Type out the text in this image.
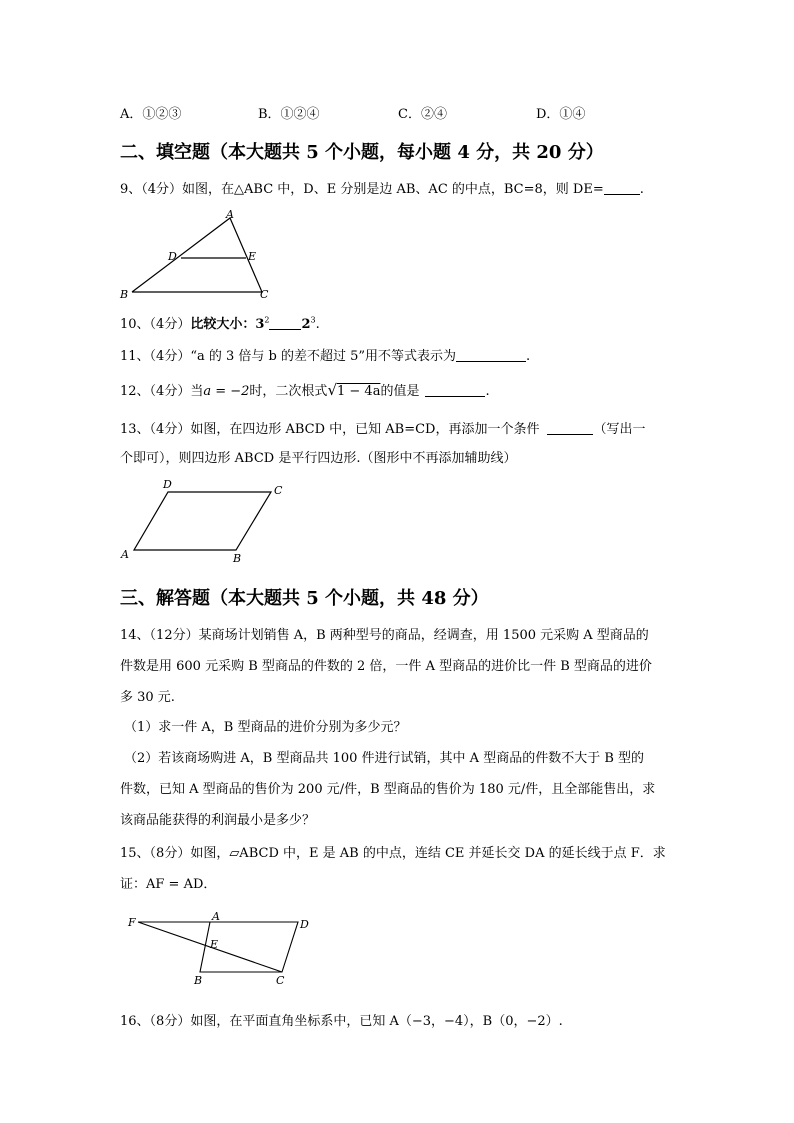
A．①②③	B．①②④	C．②④	D．①④
二、填空题（本大题共 5 个小题，每小题 4 分，共 20 分）
9、（4分）如图，在△ABC 中，D、E 分别是边 AB、AC 的中点，BC=8，则 DE=	.
A
D	E
B	C
10、（4分）比较大小：$3^2$ $2^3$.
11、（4分）“a 的 3 倍与 b 的差不超过 5”用不等式表示为	.
12、（4分）当a = −2时，二次根式√1 − 4a的值是	.
13、（4分）如图，在四边形 ABCD 中，已知 AB=CD，再添加一个条件	（写出一
个即可），则四边形 ABCD 是平行四边形.（图形中不再添加辅助线）
D	C
A	B
三、解答题（本大题共 5 个小题，共 48 分）
14、（12分）某商场计划销售 A，B 两种型号的商品，经调查，用 1500 元采购 A 型商品的
件数是用 600 元采购 B 型商品的件数的 2 倍，一件 A 型商品的进价比一件 B 型商品的进价
多 30 元.
（1）求一件 A，B 型商品的进价分别为多少元？
（2）若该商场购进 A，B 型商品共 100 件进行试销，其中 A 型商品的件数不大于 B 型的
件数，已知 A 型商品的售价为 200 元/件，B 型商品的售价为 180 元/件，且全部能售出，求
该商品能获得的利润最小是多少？
15、（8分）如图，▱ABCD 中，E 是 AB 的中点，连结 CE 并延长交 DA 的延长线于点 F．求
证：AF = AD．
F	A
D
E
B	C
16、（8分）如图，在平面直角坐标系中，已知 A（−3，−4），B（0，−2）.
